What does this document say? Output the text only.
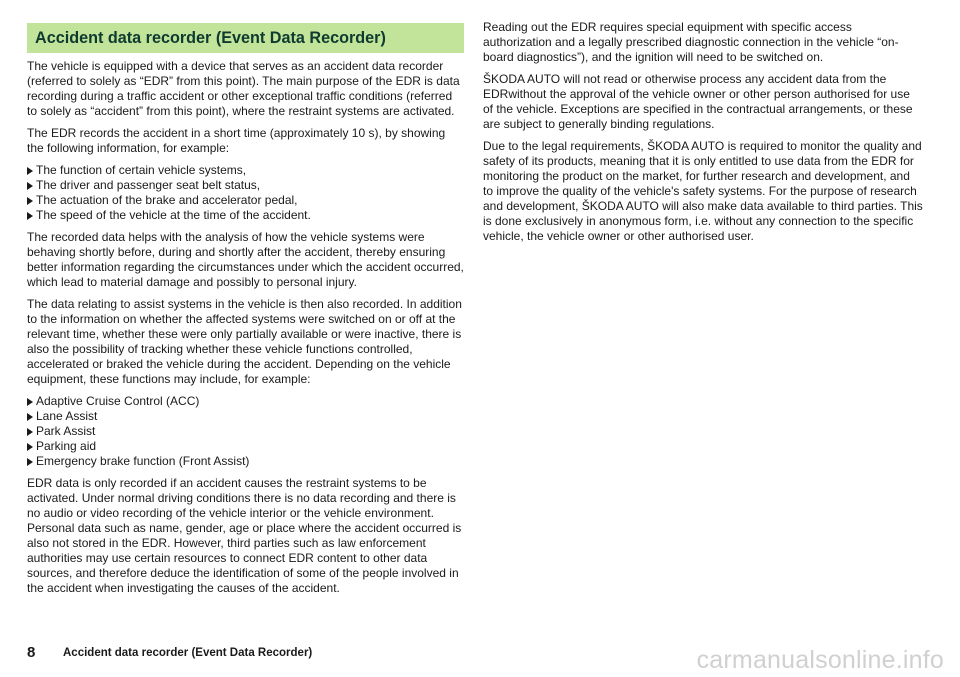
Accident data recorder (Event Data Recorder)

The vehicle is equipped with a device that serves as an accident data recorder (referred to solely as “EDR” from this point). The main purpose of the EDR is data recording during a traffic accident or other exceptional traffic conditions (referred to solely as “accident” from this point), where the restraint systems are activated.

The EDR records the accident in a short time (approximately 10 s), by showing the following information, for example:

The function of certain vehicle systems,
The driver and passenger seat belt status,
The actuation of the brake and accelerator pedal,
The speed of the vehicle at the time of the accident.

The recorded data helps with the analysis of how the vehicle systems were behaving shortly before, during and shortly after the accident, thereby ensuring better information regarding the circumstances under which the accident occurred, which lead to material damage and possibly to personal injury.

The data relating to assist systems in the vehicle is then also recorded. In addition to the information on whether the affected systems were switched on or off at the relevant time, whether these were only partially available or were inactive, there is also the possibility of tracking whether these vehicle functions controlled, accelerated or braked the vehicle during the accident. Depending on the vehicle equipment, these functions may include, for example:

Adaptive Cruise Control (ACC)
Lane Assist
Park Assist
Parking aid
Emergency brake function (Front Assist)

EDR data is only recorded if an accident causes the restraint systems to be activated. Under normal driving conditions there is no data recording and there is no audio or video recording of the vehicle interior or the vehicle environment. Personal data such as name, gender, age or place where the accident occurred is also not stored in the EDR. However, third parties such as law enforcement authorities may use certain resources to connect EDR content to other data sources, and therefore deduce the identification of some of the people involved in the accident when investigating the causes of the accident.

Reading out the EDR requires special equipment with specific access authorization and a legally prescribed diagnostic connection in the vehicle “on-board diagnostics”), and the ignition will need to be switched on.

ŠKODA AUTO will not read or otherwise process any accident data from the EDRwithout the approval of the vehicle owner or other person authorised for use of the vehicle. Exceptions are specified in the contractual arrangements, or these are subject to generally binding regulations.

Due to the legal requirements, ŠKODA AUTO is required to monitor the quality and safety of its products, meaning that it is only entitled to use data from the EDR for monitoring the product on the market, for further research and development, and to improve the quality of the vehicle's safety systems. For the purpose of research and development, ŠKODA AUTO will also make data available to third parties. This is done exclusively in anonymous form, i.e. without any connection to the specific vehicle, the vehicle owner or other authorised user.

8	Accident data recorder (Event Data Recorder)	carmanualsonline.info
